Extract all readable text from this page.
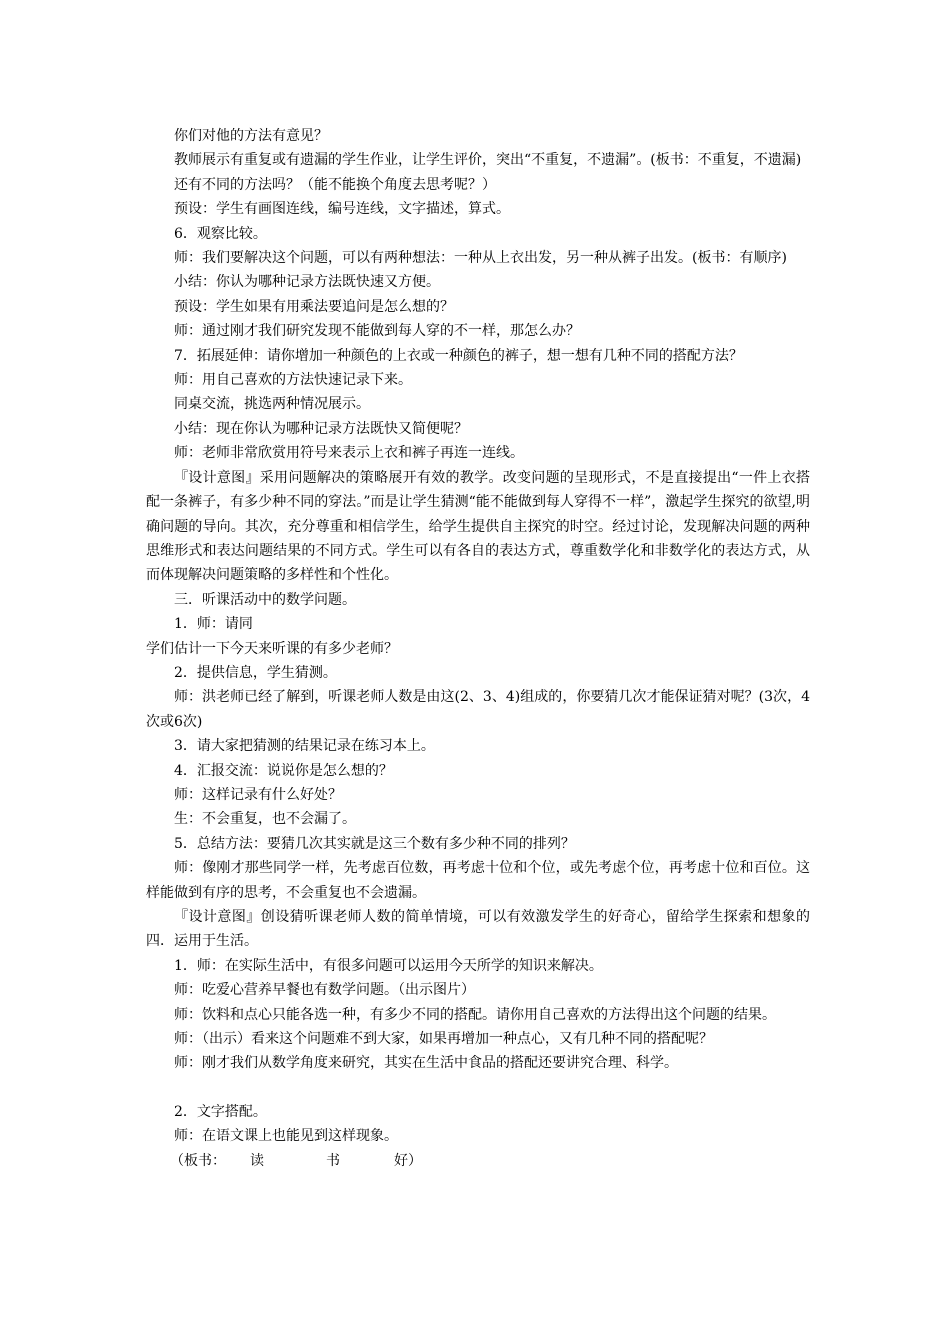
你们对他的方法有意见？

教师展示有重复或有遗漏的学生作业，让学生评价，突出“不重复，不遗漏”。(板书：不重复，不遗漏)

还有不同的方法吗？（能不能换个角度去思考呢？）

预设：学生有画图连线，编号连线，文字描述，算式。

6．观察比较。

师：我们要解决这个问题，可以有两种想法：一种从上衣出发，另一种从裤子出发。(板书：有顺序)

小结：你认为哪种记录方法既快速又方便。

预设：学生如果有用乘法要追问是怎么想的？

师：通过刚才我们研究发现不能做到每人穿的不一样，那怎么办？

7．拓展延伸：请你增加一种颜色的上衣或一种颜色的裤子，想一想有几种不同的搭配方法？

师：用自己喜欢的方法快速记录下来。

同桌交流，挑选两种情况展示。

小结：现在你认为哪种记录方法既快又简便呢？

师：老师非常欣赏用符号来表示上衣和裤子再连一连线。

『设计意图』采用问题解决的策略展开有效的教学。改变问题的呈现形式，不是直接提出“一件上衣搭配一条裤子，有多少种不同的穿法。”而是让学生猜测“能不能做到每人穿得不一样”，激起学生探究的欲望,明确问题的导向。其次，充分尊重和相信学生，给学生提供自主探究的时空。经过讨论，发现解决问题的两种思维形式和表达问题结果的不同方式。学生可以有各自的表达方式，尊重数学化和非数学化的表达方式，从而体现解决问题策略的多样性和个性化。

三．听课活动中的数学问题。

1．师：请同

学们估计一下今天来听课的有多少老师？

2．提供信息，学生猜测。

师：洪老师已经了解到，听课老师人数是由这(2、3、4)组成的，你要猜几次才能保证猜对呢？(3次，4次或6次)

3．请大家把猜测的结果记录在练习本上。

4．汇报交流：说说你是怎么想的？

师：这样记录有什么好处？

生：不会重复，也不会漏了。

5．总结方法：要猜几次其实就是这三个数有多少种不同的排列？

师：像刚才那些同学一样，先考虑百位数，再考虑十位和个位，或先考虑个位，再考虑十位和百位。这样能做到有序的思考，不会重复也不会遗漏。

『设计意图』创设猜听课老师人数的简单情境，可以有效激发学生的好奇心，留给学生探索和想象的四．运用于生活。

1．师：在实际生活中，有很多问题可以运用今天所学的知识来解决。

师：吃爱心营养早餐也有数学问题。（出示图片）

师：饮料和点心只能各选一种，有多少不同的搭配。请你用自己喜欢的方法得出这个问题的结果。

师：（出示）看来这个问题难不到大家，如果再增加一种点心，又有几种不同的搭配呢？

师：刚才我们从数学角度来研究，其实在生活中食品的搭配还要讲究合理、科学。

2．文字搭配。

师：在语文课上也能见到这样现象。

（板书： 读	书	好）
